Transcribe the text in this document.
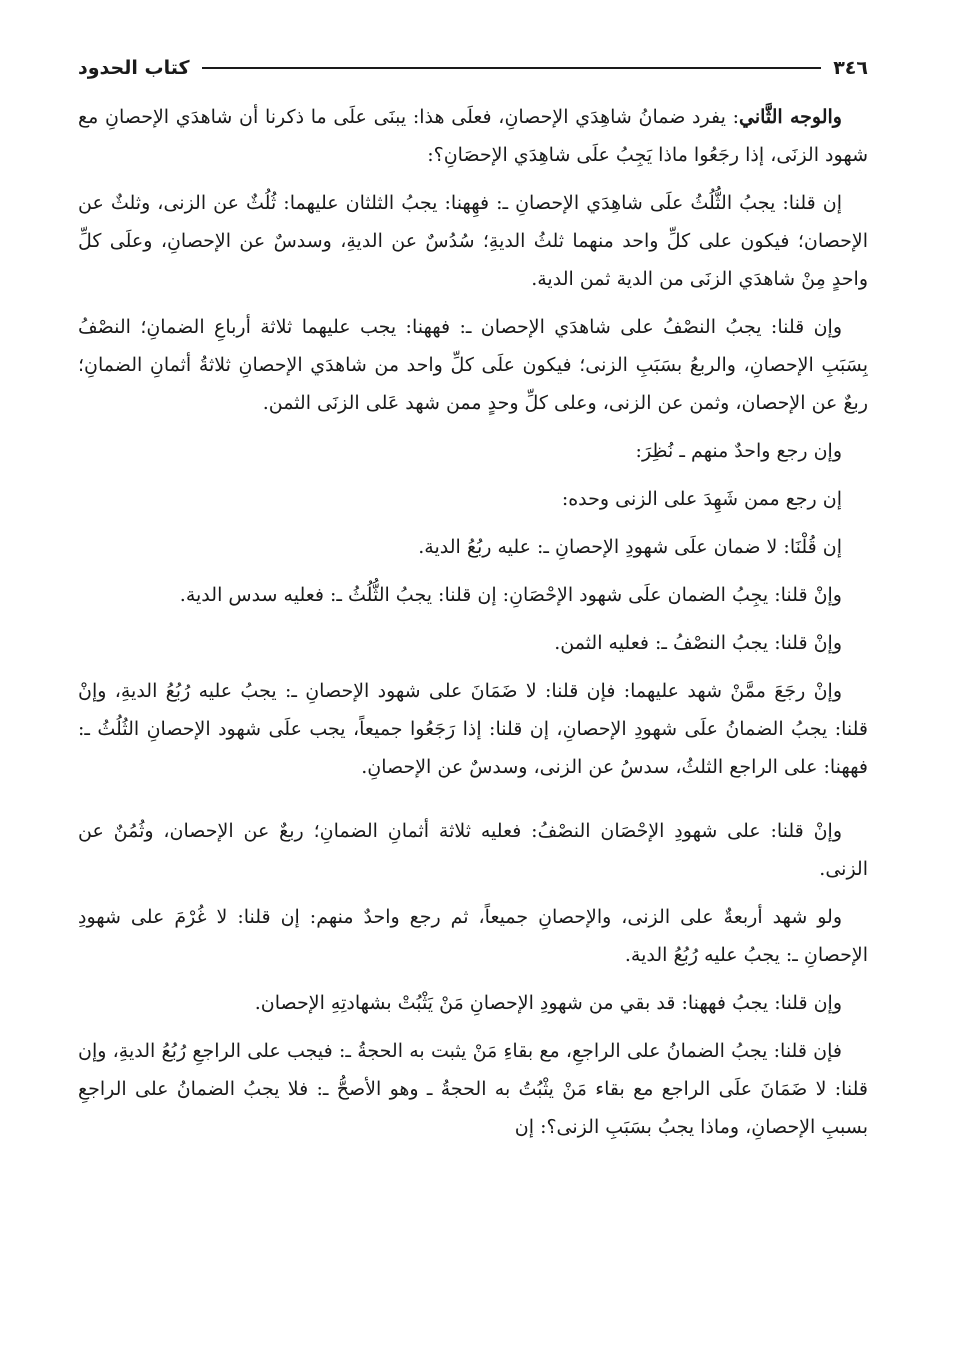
٣٤٦
كتاب الحدود

والوجه الثَّاني: يفرد ضمانُ شاهِدَي الإحصانِ، فعلَى هذا: يبنَى علَى ما ذكرنا أن شاهدَي الإحصانِ مع شهود الزنَى، إذا رجَعُوا ماذا يَجِبُ علَى شاهِدَي الإحصَانِ؟:

إن قلنا: يجبُ الثُّلُثُ علَى شاهِدَي الإحصانِ ـ: فهِهنا: يجبُ الثلثان عليهما: ثُلُثٌ عن الزنى، وثلثٌ عن الإحصان؛ فيكون على كلِّ واحد منهما ثلثُ الديةِ؛ سُدُسٌ عن الديةِ، وسدسٌ عن الإحصانِ، وعلَى كلِّ واحدٍ مِنْ شاهدَي الزنَى من الدية ثمن الدية.

وإن قلنا: يجبُ النصْفُ على شاهدَي الإحصان ـ: فههنا: يجب عليهما ثلاثة أرباعِ الضمانِ؛ النصْفُ بِسَبَبِ الإحصانِ، والربعُ بسَبَبِ الزنى؛ فيكون علَى كلِّ واحد من شاهدَي الإحصانِ ثلاثةُ أثمانِ الضمانِ؛ ربعٌ عن الإحصان، وثمن عن الزنى، وعلى كلِّ وحدٍ ممن شهد عَلى الزنَى الثمن.

وإن رجع واحدٌ منهم ـ نُظِرَ:

إن رجع ممن شَهِدَ على الزنى وحده:

إن قُلْنَا: لا ضمان علَى شهودِ الإحصانِ ـ: عليه ربُعُ الدية.

وإنْ قلنا: يجِبُ الضمان علَى شهود الإحْصَانِ: إن قلنا: يجبُ الثُّلُثُ ـ: فعليه سدس الدية.

وإنْ قلنا: يجبُ النصْفُ ـ: فعليه الثمن.

وإنْ رجَعَ ممَّنْ شهد عليهما: فإن قلنا: لا ضَمَانَ على شهود الإحصانِ ـ: يجبُ عليه رُبُعُ الديةِ، وإنْ قلنا: يجبُ الضمانُ علَى شهودِ الإحصانِ، إن قلنا: إذا رَجَعُوا جميعاً، يجب علَى شهود الإحصانِ الثُلُثُ ـ: فههنا: على الراجع الثلثُ، سدسُ عن الزنى، وسدسٌ عن الإحصانِ.

وإنْ قلنا: على شهودِ الإحْصَان النصْفُ: فعليه ثلاثة أثمانِ الضمانِ؛ ربعٌ عن الإحصان، وثُمُنٌ عن الزنى.

ولو شهد أربعةٌ على الزنى، والإحصانِ جميعاً، ثم رجع واحدٌ منهم: إن قلنا: لا غُرْمَ على شهودِ الإحصانِ ـ: يجبُ عليه رُبُعُ الدية.

وإن قلنا: يجبُ فههنا: قد بقي من شهودِ الإحصانِ مَنْ يَثْبُتْ بشهادتِهِ الإحصان.

فإن قلنا: يجبُ الضمانُ على الراجعِ، مع بقاءِ مَنْ يثبت به الحجةُ ـ: فيجب على الراجعِ رُبُعُ الديةِ، وإن قلنا: لا ضَمَانَ علَى الراجع مع بقاء مَنْ يثْبُتُ به الحجةُ ـ وهو الأصحُّ ـ: فلا يجبُ الضمانُ على الراجعِ بسببِ الإحصانِ، وماذا يجبُ بسَبَبِ الزنى؟: إن
